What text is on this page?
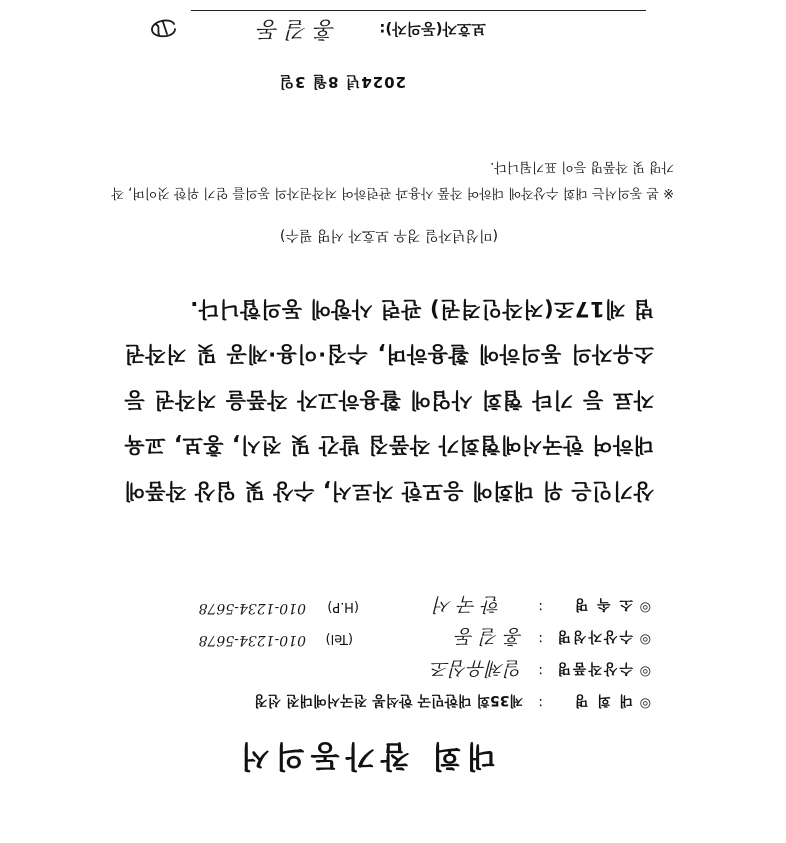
대회 참가동의서
◎
대 회 명
:
제35회 대한민국 한석봉 전국서예대전 선정
◎
수상작품명
:
일체유심조
◎
수상자성명
:
홍 길 동
(Tel)
010-1234-5678
◎
소 속 명
:
한 국 서
(H.P)
010-1234-5678
상기인은 위 대회에 응모한 자로서, 수상 및 입상 작품에 대하여 한국서예협회가 작품집 발간 및 전시, 홍보, 교육 자료 등 기타 협회 사업에 활용하고자 작품을 저작권 등 소유자의 동의하에 활용하며, 수집·이용·제공 및 저작권법 제17조(저작인격권) 관련 사항에 동의합니다.
(미성년자일 경우 보호자 서명 필수)
※ 본 동의서는 대회 수상작에 대하여 작품 사용과 관련하여 저작권자의 동의를 얻기 위한 것이며, 작가명 및 작품명 등이 표기됩니다.
2024년 8월 3일
보호자(동의자):
홍 길 동
